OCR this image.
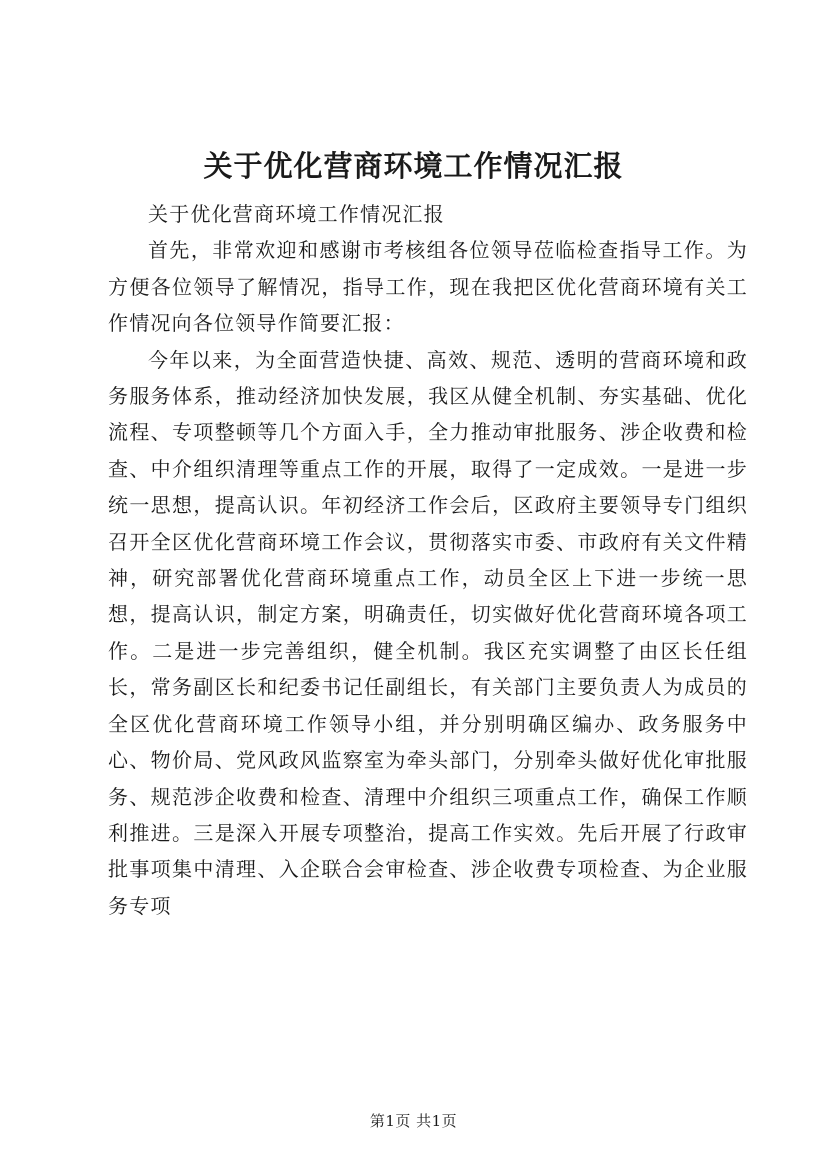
关于优化营商环境工作情况汇报

关于优化营商环境工作情况汇报

首先，非常欢迎和感谢市考核组各位领导莅临检查指导工作。为方便各位领导了解情况，指导工作，现在我把区优化营商环境有关工作情况向各位领导作简要汇报：

今年以来，为全面营造快捷、高效、规范、透明的营商环境和政务服务体系，推动经济加快发展，我区从健全机制、夯实基础、优化流程、专项整顿等几个方面入手，全力推动审批服务、涉企收费和检查、中介组织清理等重点工作的开展，取得了一定成效。一是进一步统一思想，提高认识。年初经济工作会后，区政府主要领导专门组织召开全区优化营商环境工作会议，贯彻落实市委、市政府有关文件精神，研究部署优化营商环境重点工作，动员全区上下进一步统一思想，提高认识，制定方案，明确责任，切实做好优化营商环境各项工作。二是进一步完善组织，健全机制。我区充实调整了由区长任组长，常务副区长和纪委书记任副组长，有关部门主要负责人为成员的全区优化营商环境工作领导小组，并分别明确区编办、政务服务中心、物价局、党风政风监察室为牵头部门，分别牵头做好优化审批服务、规范涉企收费和检查、清理中介组织三项重点工作，确保工作顺利推进。三是深入开展专项整治，提高工作实效。先后开展了行政审批事项集中清理、入企联合会审检查、涉企收费专项检查、为企业服务专项

第1页 共1页
